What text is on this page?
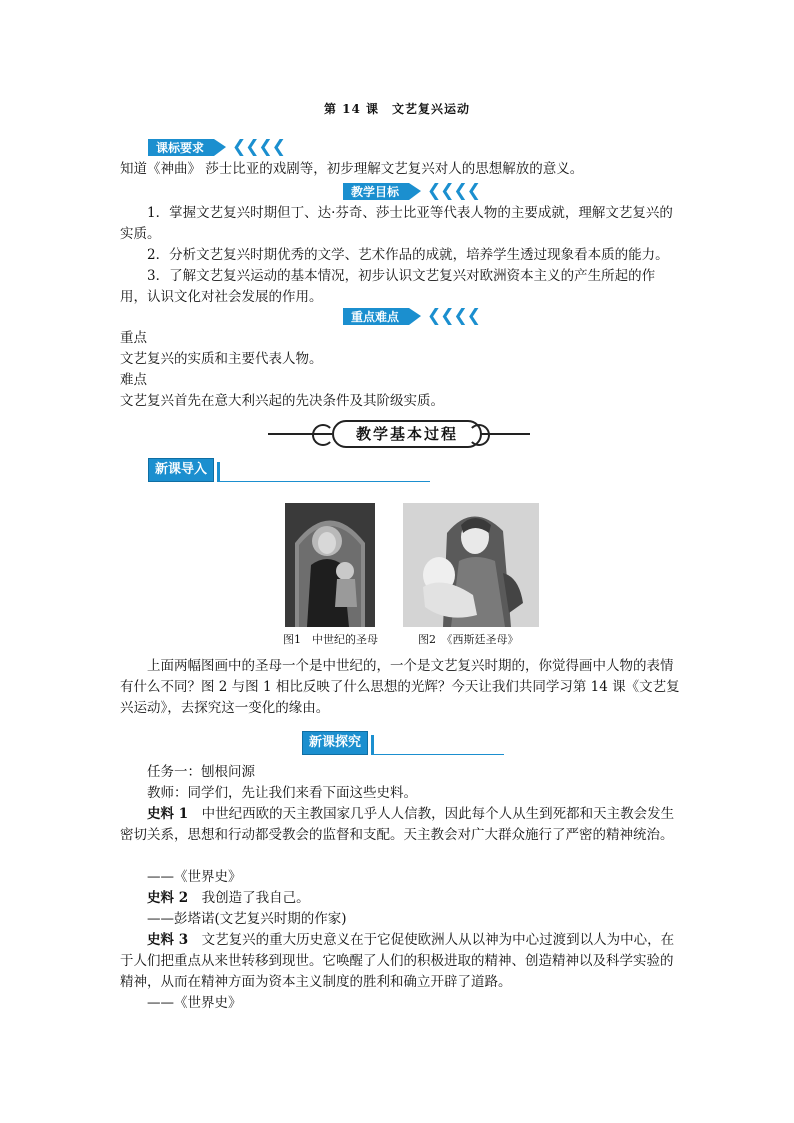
第 14 课　文艺复兴运动
课标要求	❮❮❮❮

知道《神曲》 莎士比亚的戏剧等，初步理解文艺复兴对人的思想解放的意义。

教学目标	❮❮❮❮

1．掌握文艺复兴时期但丁、达·芬奇、莎士比亚等代表人物的主要成就，理解文艺复兴的实质。

2．分析文艺复兴时期优秀的文学、艺术作品的成就，培养学生透过现象看本质的能力。

3．了解文艺复兴运动的基本情况，初步认识文艺复兴对欧洲资本主义的产生所起的作用，认识文化对社会发展的作用。

重点难点	❮❮❮❮

重点

文艺复兴的实质和主要代表人物。

难点

文艺复兴首先在意大利兴起的先决条件及其阶级实质。

教学基本过程
新课导入
图1　中世纪的圣母	图2　《西斯廷圣母》

上面两幅图画中的圣母一个是中世纪的，一个是文艺复兴时期的，你觉得画中人物的表情有什么不同？图 2 与图 1 相比反映了什么思想的光辉？今天让我们共同学习第 14 课《文艺复兴运动》，去探究这一变化的缘由。

新课探究

任务一：刨根问源

教师：同学们，先让我们来看下面这些史料。

史料 1　 中世纪西欧的天主教国家几乎人人信教，因此每个人从生到死都和天主教会发生密切关系，思想和行动都受教会的监督和支配。天主教会对广大群众施行了严密的精神统治。

——《世界史》

史料 2　 我创造了我自己。

——彭塔诺(文艺复兴时期的作家)

史料 3　 文艺复兴的重大历史意义在于它促使欧洲人从以神为中心过渡到以人为中心，在于人们把重点从来世转移到现世。它唤醒了人们的积极进取的精神、创造精神以及科学实验的精神，从而在精神方面为资本主义制度的胜利和确立开辟了道路。

——《世界史》
